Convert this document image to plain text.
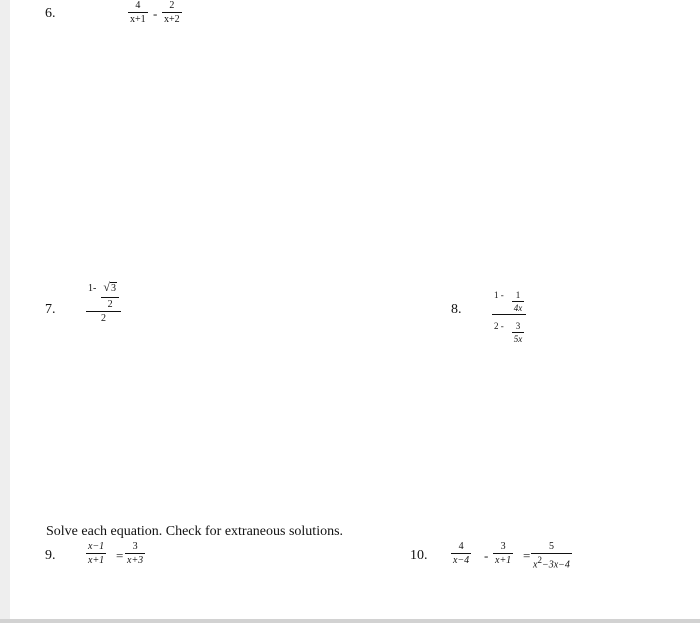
6.
4
x+1 -
2
x+2
7.
$1- \frac{√3}{2}$
2
8.
$1 - \frac{1}{4x}$
$2 - \frac{3}{5x}$
Solve each equation. Check for extraneous solutions.
9.
x−1
x+1 =
3
x+3	10.
4
x−4 -
3
x+1 =
5
$x^2-3x-4$
